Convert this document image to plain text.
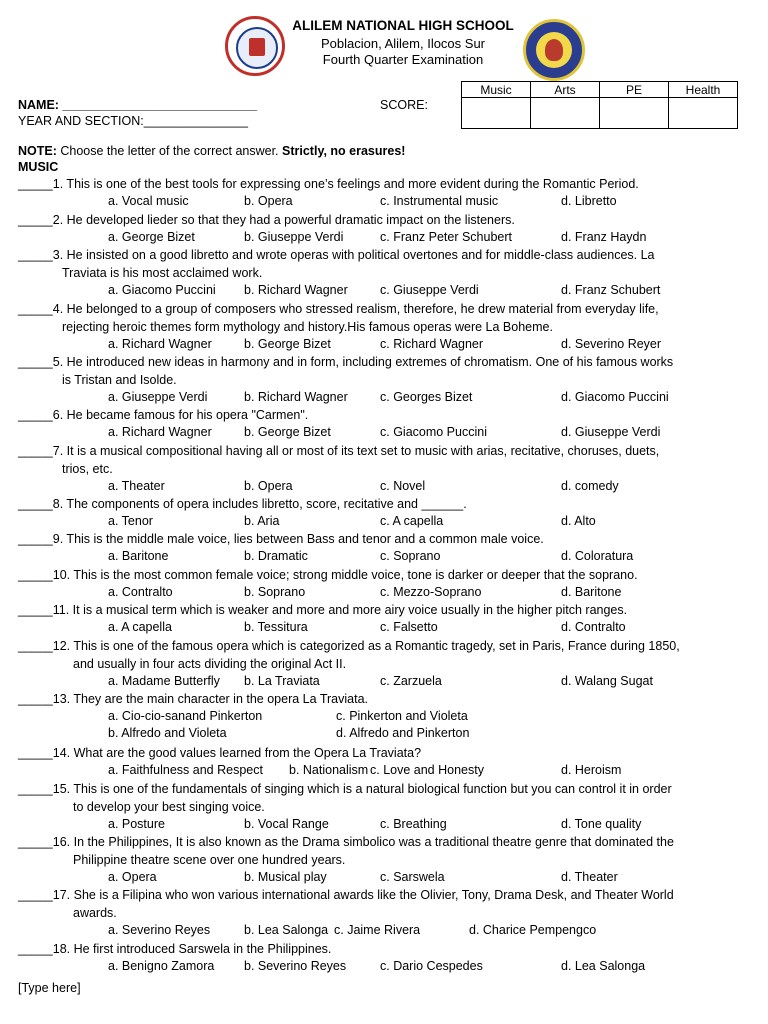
ALILEM NATIONAL HIGH SCHOOL
Poblacion, Alilem, Ilocos Sur
Fourth Quarter Examination
NAME: ____________________________
YEAR AND SECTION:_______________
SCORE:
Music	Arts	PE	Health

NOTE: Choose the letter of the correct answer. Strictly, no erasures!
MUSIC
_____1. This is one of the best tools for expressing one’s feelings and more evident during the Romantic Period.
_____2. He developed lieder so that they had a powerful dramatic impact on the listeners.
_____3. He insisted on a good libretto and wrote operas with political overtones and for middle-class audiences. La
Traviata is his most acclaimed work.
_____4. He belonged to a group of composers who stressed realism, therefore, he drew material from everyday life,
rejecting heroic themes form mythology and history.His famous operas were La Boheme.
_____5. He introduced new ideas in harmony and in form, including extremes of chromatism. One of his famous works
is Tristan and Isolde.
_____6. He became famous for his opera "Carmen".
_____7. It is a musical compositional having all or most of its text set to music with arias, recitative, choruses, duets,
trios, etc.
_____8. The components of opera includes libretto, score, recitative and ______.
_____9. This is the middle male voice, lies between Bass and tenor and a common male voice.
_____10. This is the most common female voice; strong middle voice, tone is darker or deeper that the soprano.
_____11. It is a musical term which is weaker and more and more airy voice usually in the higher pitch ranges.
_____12. This is one of the famous opera which is categorized as a Romantic tragedy, set in Paris, France during 1850,
and usually in four acts dividing the original Act II.
_____13. They are the main character in the opera La Traviata.
_____14. What are the good values learned from the Opera La Traviata?
_____15. This is one of the fundamentals of singing which is a natural biological function but you can control it in order
to develop your best singing voice.
_____16. In the Philippines, It is also known as the Drama simbolico was a traditional theatre genre that dominated the
Philippine theatre scene over one hundred years.
_____17. She is a Filipina who won various international awards like the Olivier, Tony, Drama Desk, and Theater World
awards.
_____18. He first introduced Sarswela in the Philippines.
[Type here]
a. Vocal music	b. Opera	c. Instrumental music	d. Libretto
a. George Bizet	b. Giuseppe Verdi	c. Franz Peter Schubert	d. Franz Haydn
a. Giacomo Puccini b. Richard Wagner	c. Giuseppe Verdi	d. Franz Schubert
a. Richard Wagner	b. George Bizet	c. Richard Wagner	d. Severino Reyer
a. Giuseppe Verdi	b. Richard Wagner	c. Georges Bizet	d. Giacomo Puccini
a. Richard Wagner	b. George Bizet	c. Giacomo Puccini	d. Giuseppe Verdi
a. Theater	b. Opera	c. Novel	d. comedy
a. Tenor	b. Aria	c. A capella	d. Alto
a. Baritone	b. Dramatic	c. Soprano	d. Coloratura
a. Contralto	b. Soprano	c. Mezzo-Soprano	d. Baritone
a. A capella	b. Tessitura	c. Falsetto	d. Contralto
a. Madame Butterfly b. La Traviata	c. Zarzuela	d. Walang Sugat
a. Cio-cio-sanand Pinkerton	c. Pinkerton and Violeta
b. Alfredo and Violeta	d. Alfredo and Pinkerton
a. Faithfulness and Respect b. Nationalism c. Love and Honesty	d. Heroism
a. Posture	b. Vocal Range	c. Breathing	d. Tone quality
a. Opera	b. Musical play	c. Sarswela	d. Theater
a. Severino Reyes	b. Lea Salonga c. Jaime Rivera	d. Charice Pempengco
a. Benigno Zamora b. Severino Reyes	c. Dario Cespedes	d. Lea Salonga
